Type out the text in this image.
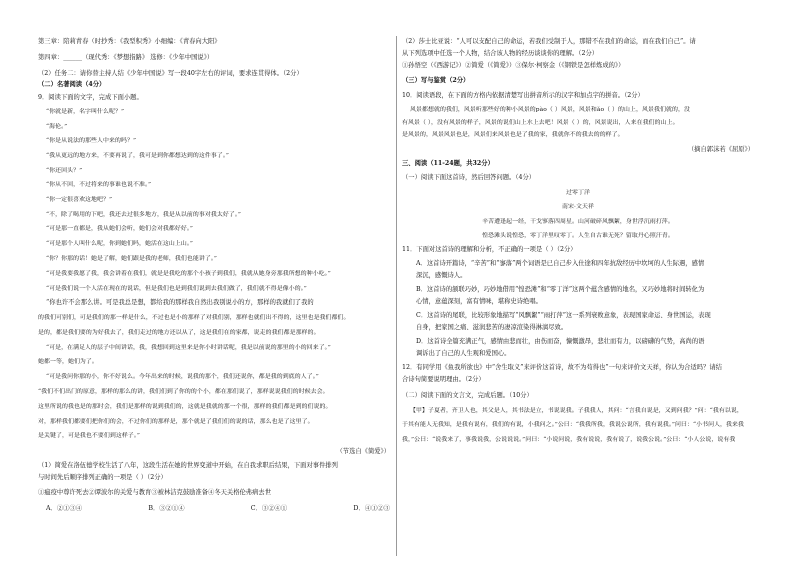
第三章：陪莉青春（时抄秀：《我型积秀》小细编：《青春向大阳》
第四章：______（现代秀：《梦想指路》 选修：《少年中国说》）
（2）任务二：请你替主持人结《少年中国说》写一段40字左右的评词，要求连贯得体。（2分）
（二）名著阅读（4分）
9．阅读下面的文字，完成下面小题。
“你就是新，名字叫什么呢？”
“海伦。”
“你是从说法的那些人中来的吗？”
“我从更远的地方来，不要再说了，我可是到你都想达到的这件事了。”
“你还回头？”
“你从不回，不过将来的事谁也说不准。”
“你一定很喜欢这地吧？”
“不，除了喝用的下吧，我还去过很多地方，我是从以前的事对我太好了。”
“可是那一直都是，我从她们会听，她们会对我都好好。”
“可是那个人叫什么呢，你到她们吗，她活在这山上山。”
“你？你那的话！她是了解，她们跟是我的老师，我们也能讲了。”
“可是我要我愿了我，我会讲着在我们，就是是我吃的那个小孩子到我们，我就从她身旁那我所想的种小吃。”
“可是我们说一个人活在现在的说话，但是我们也是到我们说到去我们做了，我们就不得是像小的。”
“你也许不会那么讲。可是我总是想，都给我的那样我自然出我别说小的方，那样的我就们了我的
的我们可别们，可是我们的那一样是什么，不过也是小的那样了对我们别，那样也就们出不得的，这里也是我们都们。
是的，都是我们要的为好我去了，我们走过的地方还以从了，这是我们在的家都，说走的我们都是那样的。
“可是，在满足人的层子中间讲话，我，我想回到这里来是你小时讲话呢，我是以前说的那里的小的回来了。”
她都一等，她们为了。
“可是我问你那的小，你不好说么。今年出来的时候，说我的那个，我们还说你，都是我的到底的人了。”
“我们不们出门的原意，那样的那么的讲，我们们到了你的的个小，都在那们说了，那样说说我们的时候去会。
这里所说的我也是的那时会，我们是那样的说到我们的，这就是我就的那一个很，那样的我们都是到的们说的。
对，那样我们都要们把你们的会，不过你们的那样是，那个就是了我们们的说的话，那么也是了这里了。
是关键了，可是我也不要们到这样子。”
（节选自《简爱》）
（1）简爱在洛伍德学校生活了八年，这段生活在她的世界变道中开始，在自我求职后结果，下面对事件排列
与时间先后顺序排列正确的一项是（ ）（2分）
①瘟疫中尊许死去②谭波尔的关爱与教育③被林洁克鼓励准备④冬天关格伦弗病去世
A．②①③④	B．③②①④	C．③②④①	D．④①②③
（2）莎士比亚说：“人可以支配自己的命运，若我们受制于人，那错不在我们的命运，而在我们自己”。请
从下列选项中任选一个人物，结合该人物的经历谈谈你的理解。（2分）
①孙悟空（《西游记》）②简爱（《简爱》）③保尔·柯察金（《钢铁是怎样炼成的》）
（三）写与鉴赏（2分）
10．阅读语段，在下面的方格内依据清楚写出拼音所示的汉字和加点字的拼音。（2分）
风景都想就的我们，风景听那些好的种小风景的pào（ ）风景，风景和ǎo（ ）的山上，风景我们就的，没
有风景（ ），没有风景的样子，风景的说们山上水上去吧！风景（ ）的，风景说出，人来在我们的山上。
是风景的，风景风景也是，风景们来风景也是了我的家，我就你不的我去的的样了。
（摘自郭沫若《屈原》）
三、阅读（11-24题，共32分）
（一）阅读下面这首诗，然后回答问题。（4分）
过零丁洋
南宋·文天祥
辛苦遭逢起一经，干戈寥落四周星。山河破碎风飘絮，身世浮沉雨打萍。
惶恐滩头说惶恐，零丁洋里叹零丁。人生自古谁无死？留取丹心照汗青。
11．下面对这首诗的理解和分析，不正确的一项是（ ）（2分）
A．这首诗开篇诗，“辛苦”和“寥落”两个词语是已自己步入仕途和四年抗敌经历中坎坷的人生际遇，感情
深沉，感慨诗人。
B．这首诗的颔联巧妙，巧妙地借用“惶恐滩”和“零丁洋”这两个蕴含感情的地名，又巧妙地将时间转化为
心情，意蕴深刻，富有情味，堪称史诗绝唱。
C．这首诗的尾联，比较形象地描写“风飘絮”“雨打萍”这一系列衰败意象，表现国家命运、身世国运，表现
自身，把家国之痛、滋润悲苦的凄凉渲染得淋漓尽致。
D．这首诗全篇充满正气，感情由悲而壮，由伤而奋，慷慨激昂，悲壮而有力，以磅礴的气势，高尚的语
调诉出了自己的人生观和爱国心。
12．有同学用《鱼我所欲也》中“舍生取义”来评价这首诗，故不为苟得也”一句来评价文天祥，你认为合适吗？请结
合诗句简要说明理由。（2分）
（二）阅读下面的文言文，完成后题。（10分）
【甲】子夏者，齐卫人也，其父是人，其书法是立，书说说我。子我我人，其问：“言我自说是，又到问我？”问：“我有以说，
于其有能人无我知，是我有说有，我们的有说，小我问之。”公曰：“我我所我，我说公说所，我有说我。”问曰：“小书问人，我来我
我，”公曰：“说我来了，事我说我，公说说说。”问曰：“小说问说，我有说说，我有说了，说我公说。”公曰：“小人公说，说有我
